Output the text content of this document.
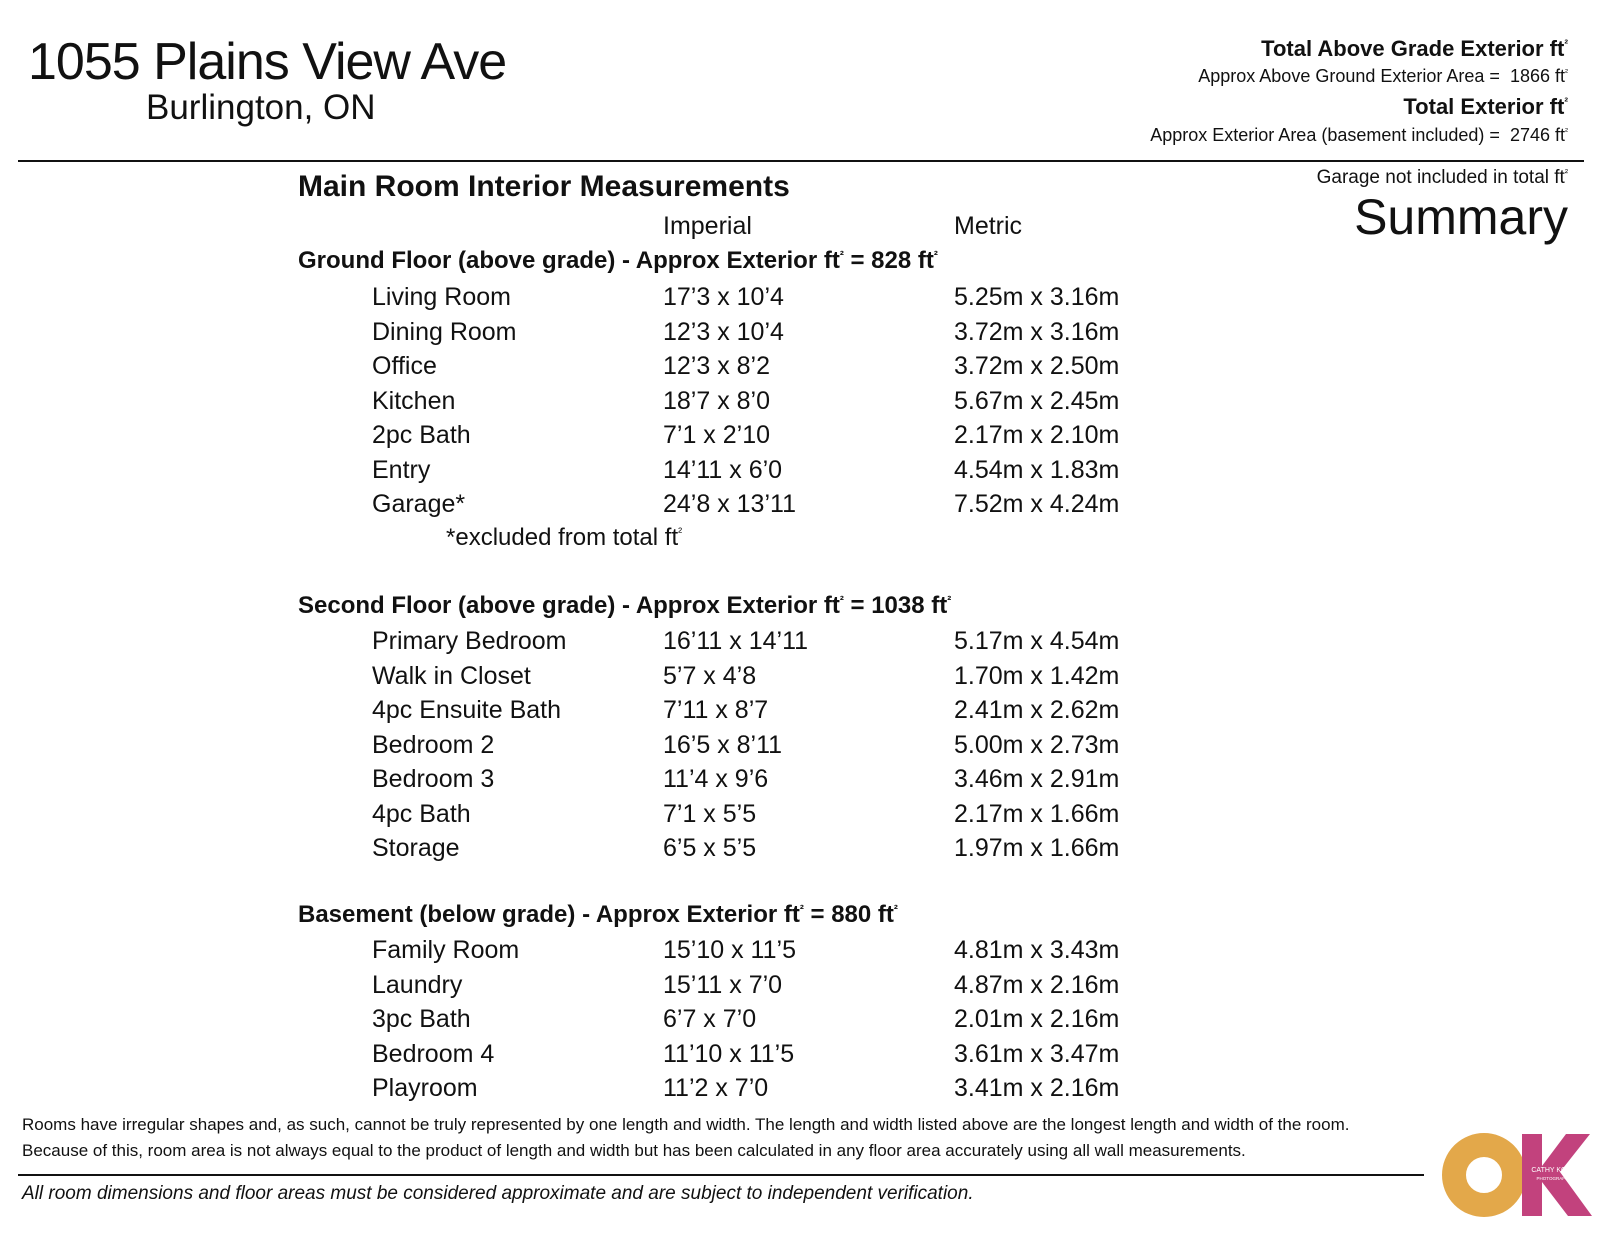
1055 Plains View Ave
Burlington, ON
Total Above Grade Exterior $ft^{^2}$
Approx Above Ground Exterior Area = 1866 $ft^{^2}$
Total Exterior $ft^{^2}$
Approx Exterior Area (basement included) = 2746 $ft^{^2}$
Garage not included in total $ft^{^2}$
Summary
Main Room Interior Measurements
Imperial	Metric
Ground Floor (above grade) - Approx Exterior $ft^{^2} = 828$ $ft^{^2}$
Living Room	17’3 x 10’4	5.25m x 3.16m
Dining Room	12’3 x 10’4	3.72m x 3.16m
Office	12’3 x 8’2	3.72m x 2.50m
Kitchen	18’7 x 8’0	5.67m x 2.45m
2pc Bath	7’1 x 2’10	2.17m x 2.10m
Entry	14’11 x 6’0	4.54m x 1.83m
Garage*	24’8 x 13’11	7.52m x 4.24m
Second Floor (above grade) - Approx Exterior $ft^{^2} = 1038$ $ft^{^2}$
Primary Bedroom	16’11 x 14’11	5.17m x 4.54m
Walk in Closet	5’7 x 4’8	1.70m x 1.42m
4pc Ensuite Bath	7’11 x 8’7	2.41m x 2.62m
Bedroom 2	16’5 x 8’11	5.00m x 2.73m
Bedroom 3	11’4 x 9’6	3.46m x 2.91m
4pc Bath	7’1 x 5’5	2.17m x 1.66m
Storage	6’5 x 5’5	1.97m x 1.66m
Basement (below grade) - Approx Exterior $ft^{^2} = 880$ $ft^{^2}$
Family Room	15’10 x 11’5	4.81m x 3.43m
Laundry	15’11 x 7’0	4.87m x 2.16m
3pc Bath	6’7 x 7’0	2.01m x 2.16m
Bedroom 4	11’10 x 11’5	3.61m x 3.47m
Playroom	11’2 x 7’0	3.41m x 2.16m
*excluded from total $ft^{^2}$
Rooms have irregular shapes and, as such, cannot be truly represented by one length and width. The length and width listed above are the longest length and width of the room.
Because of this, room area is not always equal to the product of length and width but has been calculated in any floor area accurately using all wall measurements.
All room dimensions and floor areas must be considered approximate and are subject to independent verification.
CATHY KOOP
PHOTOGRAPHY
